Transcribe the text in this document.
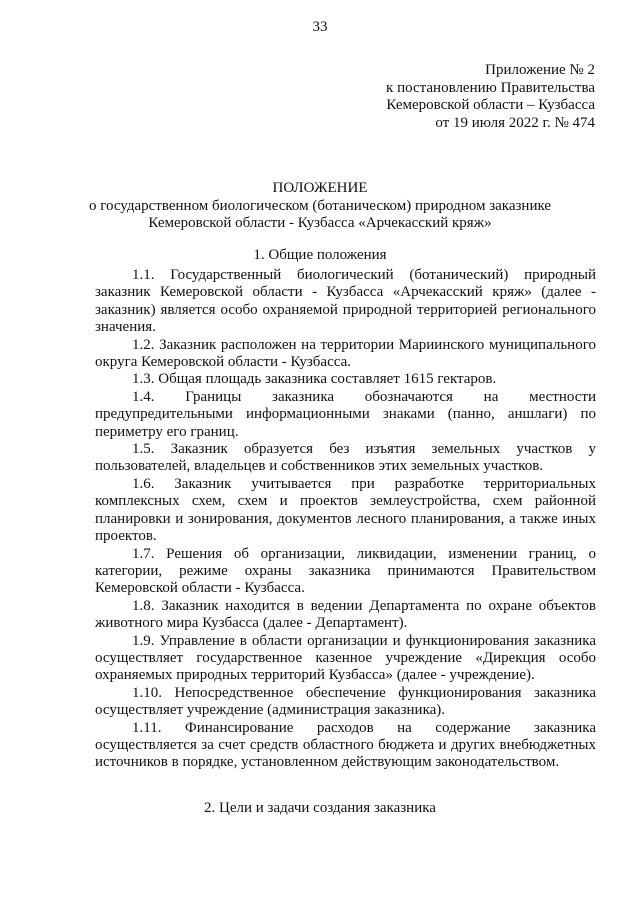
33
Приложение № 2
к постановлению Правительства
Кемеровской области – Кузбасса
от 19 июля 2022 г. № 474
ПОЛОЖЕНИЕ
о государственном биологическом (ботаническом) природном заказнике
Кемеровской области - Кузбасса «Арчекасский кряж»
1. Общие положения

1.1. Государственный биологический (ботанический) природный заказник Кемеровской области - Кузбасса «Арчекасский кряж» (далее - заказник) является особо охраняемой природной территорией регионального значения.

1.2. Заказник расположен на территории Мариинского муниципального округа Кемеровской области - Кузбасса.

1.3. Общая площадь заказника составляет 1615 гектаров.

1.4. Границы заказника обозначаются на местности предупредительными информационными знаками (панно, аншлаги) по периметру его границ.

1.5. Заказник образуется без изъятия земельных участков у пользователей, владельцев и собственников этих земельных участков.

1.6. Заказник учитывается при разработке территориальных комплексных схем, схем и проектов землеустройства, схем районной планировки и зонирования, документов лесного планирования, а также иных проектов.

1.7. Решения об организации, ликвидации, изменении границ, о категории, режиме охраны заказника принимаются Правительством Кемеровской области - Кузбасса.

1.8. Заказник находится в ведении Департамента по охране объектов животного мира Кузбасса (далее - Департамент).

1.9. Управление в области организации и функционирования заказника осуществляет государственное казенное учреждение «Дирекция особо охраняемых природных территорий Кузбасса» (далее - учреждение).

1.10. Непосредственное обеспечение функционирования заказника осуществляет учреждение (администрация заказника).

1.11. Финансирование расходов на содержание заказника осуществляется за счет средств областного бюджета и других внебюджетных источников в порядке, установленном действующим законодательством.

2. Цели и задачи создания заказника
